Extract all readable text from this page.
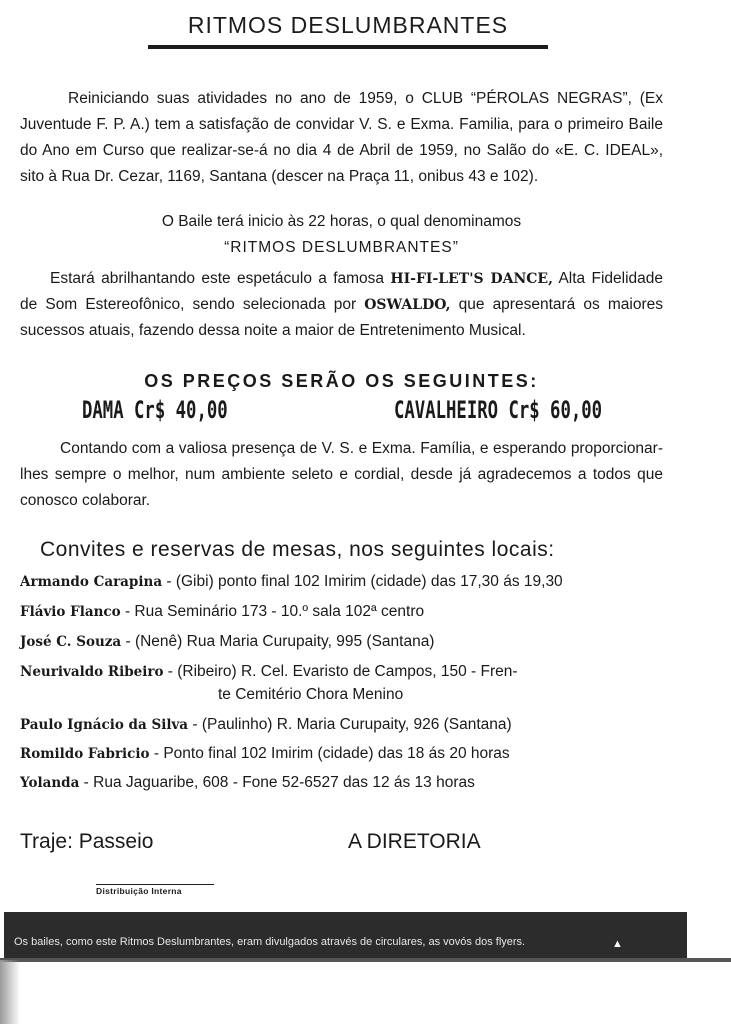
RITMOS DESLUMBRANTES
Reiniciando suas atividades no ano de 1959, o CLUB “PÉROLAS NEGRAS”, (Ex Juventude F. P. A.) tem a satisfação de convidar V. S. e Exma. Familia, para o primeiro Baile do Ano em Curso que realizar-se-á no dia 4 de Abril de 1959, no Salão do «E. C. IDEAL», sito à Rua Dr. Cezar, 1169, Santana (descer na Praça 11, onibus 43 e 102).
O Baile terá inicio às 22 horas, o qual denominamos
“RITMOS DESLUMBRANTES”
Estará abrilhantando este espetáculo a famosa HI-FI-LET'S DANCE, Alta Fidelidade de Som Estereofônico, sendo selecionada por OSWALDO, que apresentará os maiores sucessos atuais, fazendo dessa noite a maior de Entretenimento Musical.
OS PREÇOS SERÃO OS SEGUINTES:
DAMA Cr$ 40,00	CAVALHEIRO Cr$ 60,00
Contando com a valiosa presença de V. S. e Exma. Família, e esperando proporcionar-lhes sempre o melhor, num ambiente seleto e cordial, desde já agradecemos a todos que conosco colaborar.
Convites e reservas de mesas, nos seguintes locais:
Armando Carapina - (Gibi) ponto final 102 Imirim (cidade) das 17,30 ás 19,30
Flávio Flanco - Rua Seminário 173 - 10.º sala 102ª centro
José C. Souza - (Nenê) Rua Maria Curupaity, 995 (Santana)
Neurivaldo Ribeiro - (Ribeiro) R. Cel. Evaristo de Campos, 150 - Fren-
te Cemitério Chora Menino
Paulo Ignácio da Silva - (Paulinho) R. Maria Curupaity, 926 (Santana)
Romildo Fabricio - Ponto final 102 Imirim (cidade) das 18 ás 20 horas
Yolanda - Rua Jaguaribe, 608 - Fone 52-6527 das 12 ás 13 horas
Traje: Passeio	A DIRETORIA
Distribuição Interna
Os bailes, como este Ritmos Deslumbrantes, eram divulgados através de circulares, as vovós dos flyers.	▲
